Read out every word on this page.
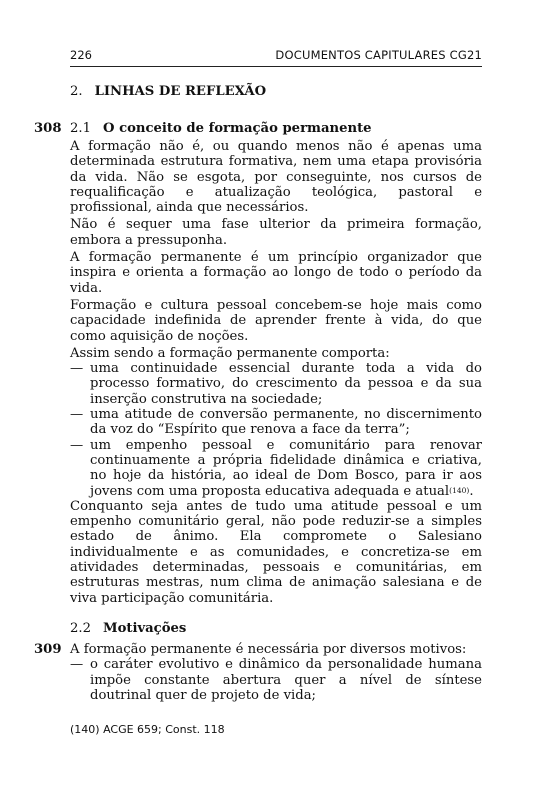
226	DOCUMENTOS CAPITULARES CG21
2. LINHAS DE REFLEXÃO
308 2.1 O conceito de formação permanente

A formação não é, ou quando menos não é apenas uma determinada estrutura formativa, nem uma etapa provisória da vida. Não se esgota, por conseguinte, nos cursos de requalificação e atualização teológica, pastoral e profissional, ainda que necessários.

Não é sequer uma fase ulterior da primeira formação, embora a pressuponha.

A formação permanente é um princípio organizador que inspira e orienta a formação ao longo de todo o período da vida.

Formação e cultura pessoal concebem-se hoje mais como capacidade indefinida de aprender frente à vida, do que como aquisição de noções.

Assim sendo a formação permanente comporta:

— uma continuidade essencial durante toda a vida do processo formativo, do crescimento da pessoa e da sua inserção construtiva na sociedade;
— uma atitude de conversão permanente, no discernimento da voz do “Espírito que renova a face da terra”;
— um empenho pessoal e comunitário para renovar continuamente a própria fidelidade dinâmica e criativa, no hoje da história, ao ideal de Dom Bosco, para ir aos jovens com uma proposta educativa adequada e atual$^{(140)}$.

Conquanto seja antes de tudo uma atitude pessoal e um empenho comunitário geral, não pode reduzir-se a simples estado de ânimo. Ela compromete o Salesiano individualmente e as comunidades, e concretiza-se em atividades determinadas, pessoais e comunitárias, em estruturas mestras, num clima de animação salesiana e de viva participação comunitária.

2.2 Motivações
309 A formação permanente é necessária por diversos motivos:

— o caráter evolutivo e dinâmico da personalidade humana impõe constante abertura quer a nível de síntese doutrinal quer de projeto de vida;
(140) ACGE 659; Const. 118
